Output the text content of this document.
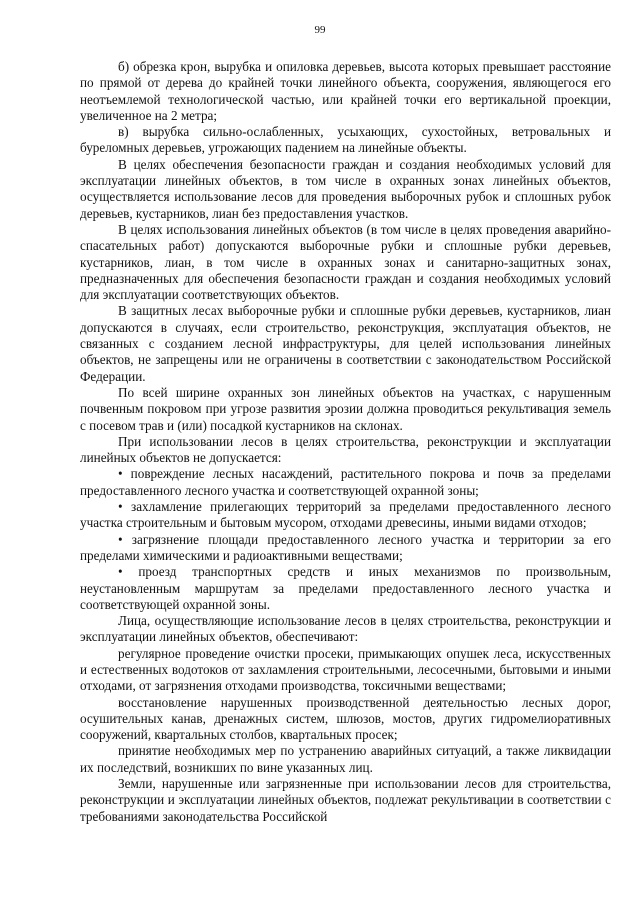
99

б) обрезка крон, вырубка и опиловка деревьев, высота которых превышает расстояние по прямой от дерева до крайней точки линейного объекта, сооружения, являющегося его неотъемлемой технологической частью, или крайней точки его вертикальной проекции, увеличенное на 2 метра;

в) вырубка сильно-ослабленных, усыхающих, сухостойных, ветровальных и буреломных деревьев, угрожающих падением на линейные объекты.

В целях обеспечения безопасности граждан и создания необходимых условий для эксплуатации линейных объектов, в том числе в охранных зонах линейных объектов, осуществляется использование лесов для проведения выборочных рубок и сплошных рубок деревьев, кустарников, лиан без предоставления участков.

В целях использования линейных объектов (в том числе в целях проведения аварийно-спасательных работ) допускаются выборочные рубки и сплошные рубки деревьев, кустарников, лиан, в том числе в охранных зонах и санитарно-защитных зонах, предназначенных для обеспечения безопасности граждан и создания необходимых условий для эксплуатации соответствующих объектов.

В защитных лесах выборочные рубки и сплошные рубки деревьев, кустарников, лиан допускаются в случаях, если строительство, реконструкция, эксплуатация объектов, не связанных с созданием лесной инфраструктуры, для целей использования линейных объектов, не запрещены или не ограничены в соответствии с законодательством Российской Федерации.

По всей ширине охранных зон линейных объектов на участках, с нарушенным почвенным покровом при угрозе развития эрозии должна проводиться рекультивация земель с посевом трав и (или) посадкой кустарников на склонах.

При использовании лесов в целях строительства, реконструкции и эксплуатации линейных объектов не допускается:

• повреждение лесных насаждений, растительного покрова и почв за пределами предоставленного лесного участка и соответствующей охранной зоны;

• захламление прилегающих территорий за пределами предоставленного лесного участка строительным и бытовым мусором, отходами древесины, иными видами отходов;

• загрязнение площади предоставленного лесного участка и территории за его пределами химическими и радиоактивными веществами;

• проезд транспортных средств и иных механизмов по произвольным, неустановленным маршрутам за пределами предоставленного лесного участка и соответствующей охранной зоны.

Лица, осуществляющие использование лесов в целях строительства, реконструкции и эксплуатации линейных объектов, обеспечивают:

регулярное проведение очистки просеки, примыкающих опушек леса, искусственных и естественных водотоков от захламления строительными, лесосечными, бытовыми и иными отходами, от загрязнения отходами производства, токсичными веществами;

восстановление нарушенных производственной деятельностью лесных дорог, осушительных канав, дренажных систем, шлюзов, мостов, других гидромелиоративных сооружений, квартальных столбов, квартальных просек;

принятие необходимых мер по устранению аварийных ситуаций, а также ликвидации их последствий, возникших по вине указанных лиц.

Земли, нарушенные или загрязненные при использовании лесов для строительства, реконструкции и эксплуатации линейных объектов, подлежат рекультивации в соответствии с требованиями законодательства Российской
